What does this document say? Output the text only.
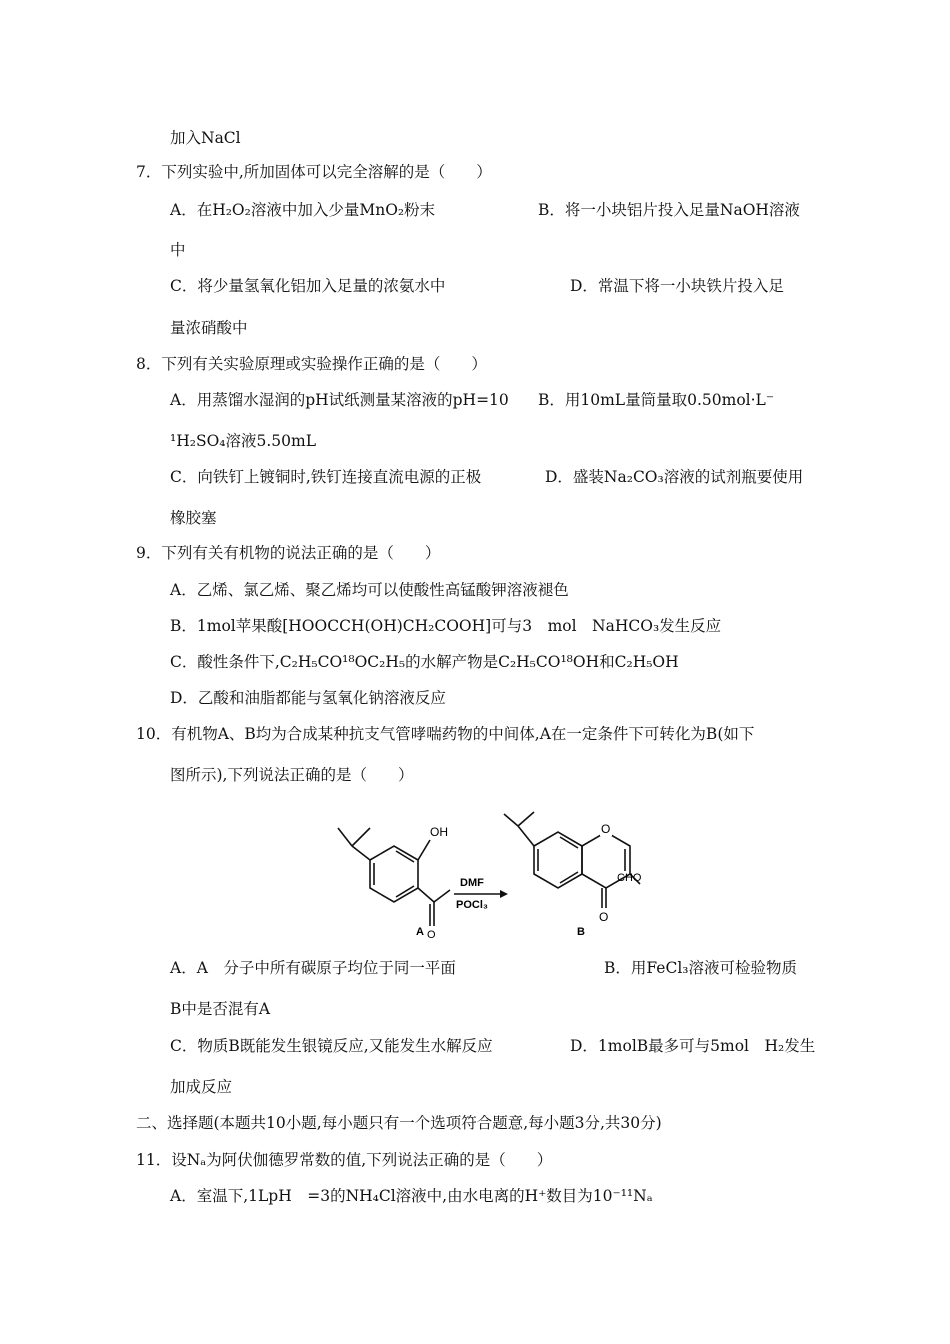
加入NaCl
7．下列实验中,所加固体可以完全溶解的是（　　）
A．在H₂O₂溶液中加入少量MnO₂粉末	B．将一小块铝片投入足量NaOH溶液
中
C．将少量氢氧化铝加入足量的浓氨水中	D．常温下将一小块铁片投入足
量浓硝酸中
8．下列有关实验原理或实验操作正确的是（　　）
A．用蒸馏水湿润的pH试纸测量某溶液的pH=10 B．用10mL量筒量取0.50mol·L⁻
¹H₂SO₄溶液5.50mL
C．向铁钉上镀铜时,铁钉连接直流电源的正极	D．盛装Na₂CO₃溶液的试剂瓶要使用
橡胶塞
9．下列有关有机物的说法正确的是（　　）
A．乙烯、氯乙烯、聚乙烯均可以使酸性高锰酸钾溶液褪色
B．1mol苹果酸[HOOCCH(OH)CH₂COOH]可与3　mol　NaHCO₃发生反应
C．酸性条件下,C₂H₅CO¹⁸OC₂H₅的水解产物是C₂H₅CO¹⁸OH和C₂H₅OH
D．乙酸和油脂都能与氢氧化钠溶液反应
10．有机物A、B均为合成某种抗支气管哮喘药物的中间体,A在一定条件下可转化为B(如下
图所示),下列说法正确的是（　　）
OH
O
DMF
POCl₃
O
O
CHO
A	B
A．A　分子中所有碳原子均位于同一平面	B．用FeCl₃溶液可检验物质
B中是否混有A
C．物质B既能发生银镜反应,又能发生水解反应	D．1molB最多可与5mol　H₂发生
加成反应
二、选择题(本题共10小题,每小题只有一个选项符合题意,每小题3分,共30分)
11．设Nₐ为阿伏伽德罗常数的值,下列说法正确的是（　　）
A．室温下,1LpH　=3的NH₄Cl溶液中,由水电离的H⁺数目为10⁻¹¹Nₐ
